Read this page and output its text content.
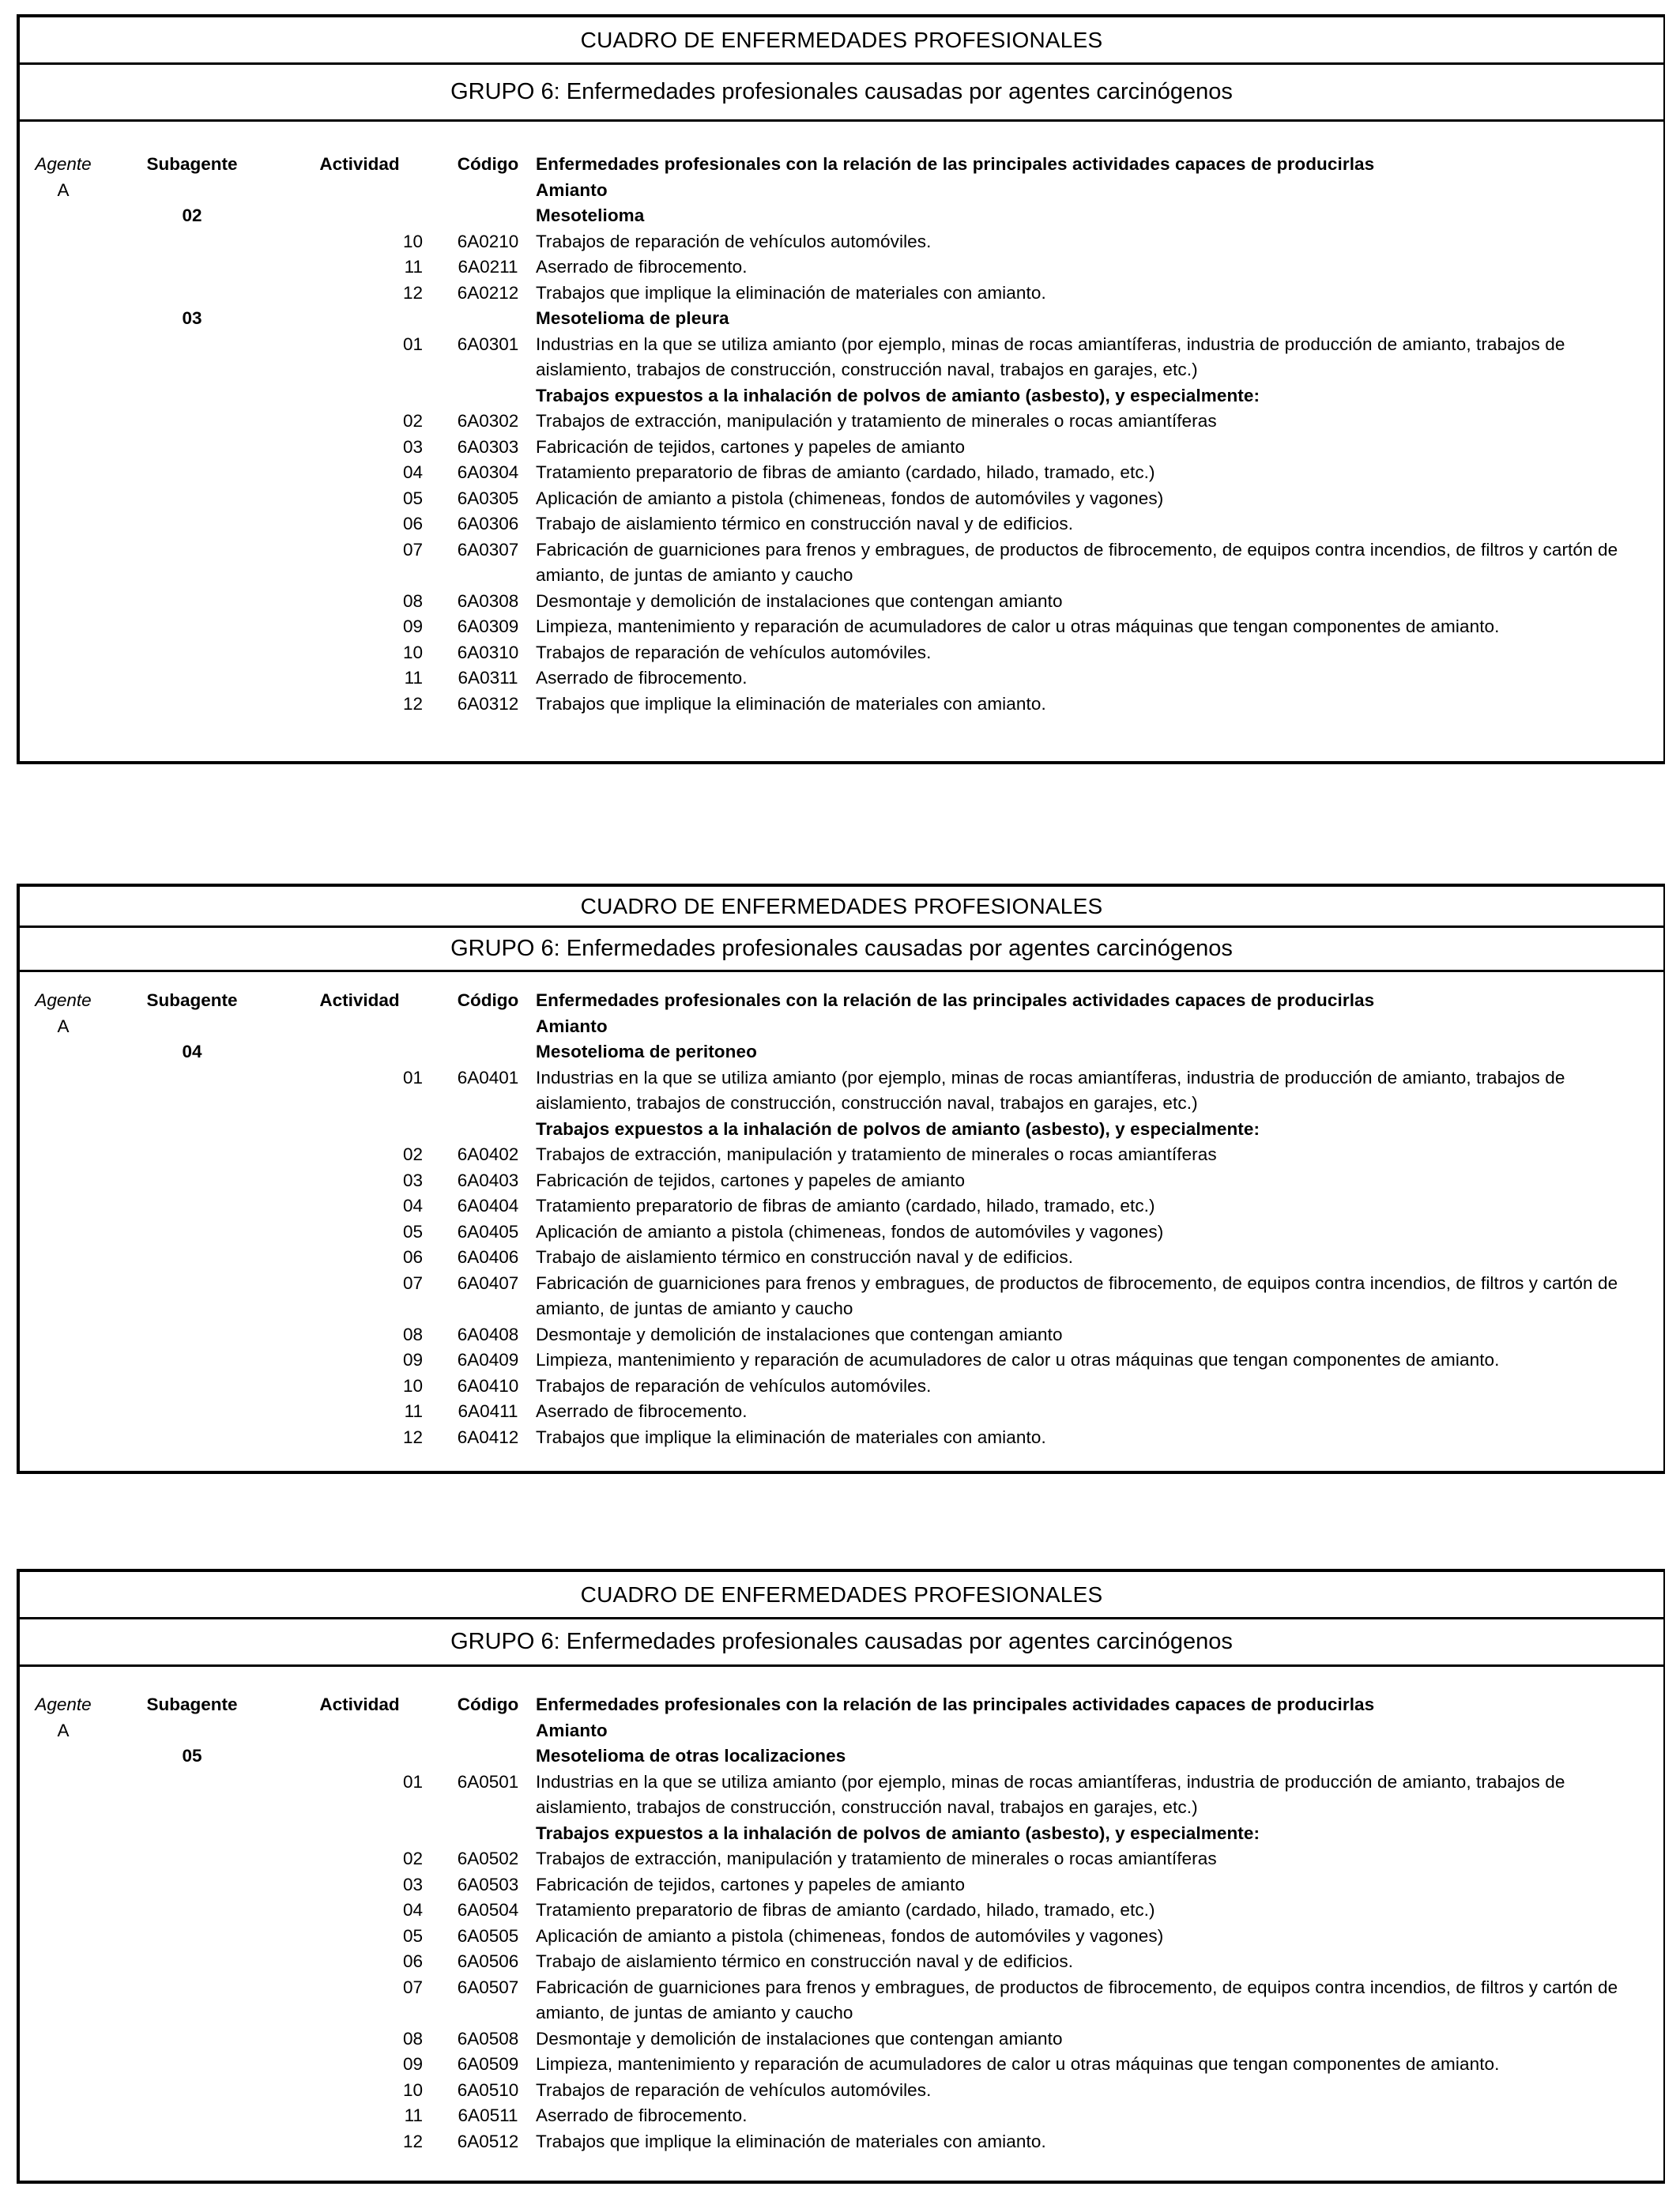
CUADRO DE ENFERMEDADES PROFESIONALES
GRUPO 6: Enfermedades profesionales causadas por agentes carcinógenos
Agente	Subagente	Actividad	Código Enfermedades profesionales con la relación de las principales actividades capaces de producirlas
A	Amianto
02	Mesotelioma
10	6A0210 Trabajos de reparación de vehículos automóviles.
11	6A0211	Aserrado de fibrocemento.
12	6A0212 Trabajos que implique la eliminación de materiales con amianto.
03	Mesotelioma de pleura
01	6A0301 Industrias en la que se utiliza amianto (por ejemplo, minas de rocas amiantíferas, industria de producción de amianto, trabajos de aislamiento, trabajos de construcción, construcción naval, trabajos en garajes, etc.)
Trabajos expuestos a la inhalación de polvos de amianto (asbesto), y especialmente:
02	6A0302 Trabajos de extracción, manipulación y tratamiento de minerales o rocas amiantíferas
03	6A0303 Fabricación de tejidos, cartones y papeles de amianto
04	6A0304 Tratamiento preparatorio de fibras de amianto (cardado, hilado, tramado, etc.)
05	6A0305 Aplicación de amianto a pistola (chimeneas, fondos de automóviles y vagones)
06	6A0306 Trabajo de aislamiento térmico en construcción naval y de edificios.
07	6A0307 Fabricación de guarniciones para frenos y embragues, de productos de fibrocemento, de equipos contra incendios, de filtros y cartón de amianto, de juntas de amianto y caucho
08	6A0308 Desmontaje y demolición de instalaciones que contengan amianto
09	6A0309 Limpieza, mantenimiento y reparación de acumuladores de calor u otras máquinas que tengan componentes de amianto.
10	6A0310 Trabajos de reparación de vehículos automóviles.
11	6A0311	Aserrado de fibrocemento.
12	6A0312 Trabajos que implique la eliminación de materiales con amianto.
CUADRO DE ENFERMEDADES PROFESIONALES
GRUPO 6: Enfermedades profesionales causadas por agentes carcinógenos
Agente	Subagente	Actividad	Código Enfermedades profesionales con la relación de las principales actividades capaces de producirlas
A	Amianto
04	Mesotelioma de peritoneo
01	6A0401 Industrias en la que se utiliza amianto (por ejemplo, minas de rocas amiantíferas, industria de producción de amianto, trabajos de aislamiento, trabajos de construcción, construcción naval, trabajos en garajes, etc.)
Trabajos expuestos a la inhalación de polvos de amianto (asbesto), y especialmente:
02	6A0402 Trabajos de extracción, manipulación y tratamiento de minerales o rocas amiantíferas
03	6A0403 Fabricación de tejidos, cartones y papeles de amianto
04	6A0404 Tratamiento preparatorio de fibras de amianto (cardado, hilado, tramado, etc.)
05	6A0405 Aplicación de amianto a pistola (chimeneas, fondos de automóviles y vagones)
06	6A0406 Trabajo de aislamiento térmico en construcción naval y de edificios.
07	6A0407 Fabricación de guarniciones para frenos y embragues, de productos de fibrocemento, de equipos contra incendios, de filtros y cartón de amianto, de juntas de amianto y caucho
08	6A0408 Desmontaje y demolición de instalaciones que contengan amianto
09	6A0409 Limpieza, mantenimiento y reparación de acumuladores de calor u otras máquinas que tengan componentes de amianto.
10	6A0410 Trabajos de reparación de vehículos automóviles.
11	6A0411	Aserrado de fibrocemento.
12	6A0412 Trabajos que implique la eliminación de materiales con amianto.
CUADRO DE ENFERMEDADES PROFESIONALES
GRUPO 6: Enfermedades profesionales causadas por agentes carcinógenos
Agente	Subagente	Actividad	Código Enfermedades profesionales con la relación de las principales actividades capaces de producirlas
A	Amianto
05	Mesotelioma de otras localizaciones
01	6A0501 Industrias en la que se utiliza amianto (por ejemplo, minas de rocas amiantíferas, industria de producción de amianto, trabajos de aislamiento, trabajos de construcción, construcción naval, trabajos en garajes, etc.)
Trabajos expuestos a la inhalación de polvos de amianto (asbesto), y especialmente:
02	6A0502 Trabajos de extracción, manipulación y tratamiento de minerales o rocas amiantíferas
03	6A0503 Fabricación de tejidos, cartones y papeles de amianto
04	6A0504 Tratamiento preparatorio de fibras de amianto (cardado, hilado, tramado, etc.)
05	6A0505 Aplicación de amianto a pistola (chimeneas, fondos de automóviles y vagones)
06	6A0506 Trabajo de aislamiento térmico en construcción naval y de edificios.
07	6A0507 Fabricación de guarniciones para frenos y embragues, de productos de fibrocemento, de equipos contra incendios, de filtros y cartón de amianto, de juntas de amianto y caucho
08	6A0508 Desmontaje y demolición de instalaciones que contengan amianto
09	6A0509 Limpieza, mantenimiento y reparación de acumuladores de calor u otras máquinas que tengan componentes de amianto.
10	6A0510 Trabajos de reparación de vehículos automóviles.
11	6A0511	Aserrado de fibrocemento.
12	6A0512 Trabajos que implique la eliminación de materiales con amianto.
